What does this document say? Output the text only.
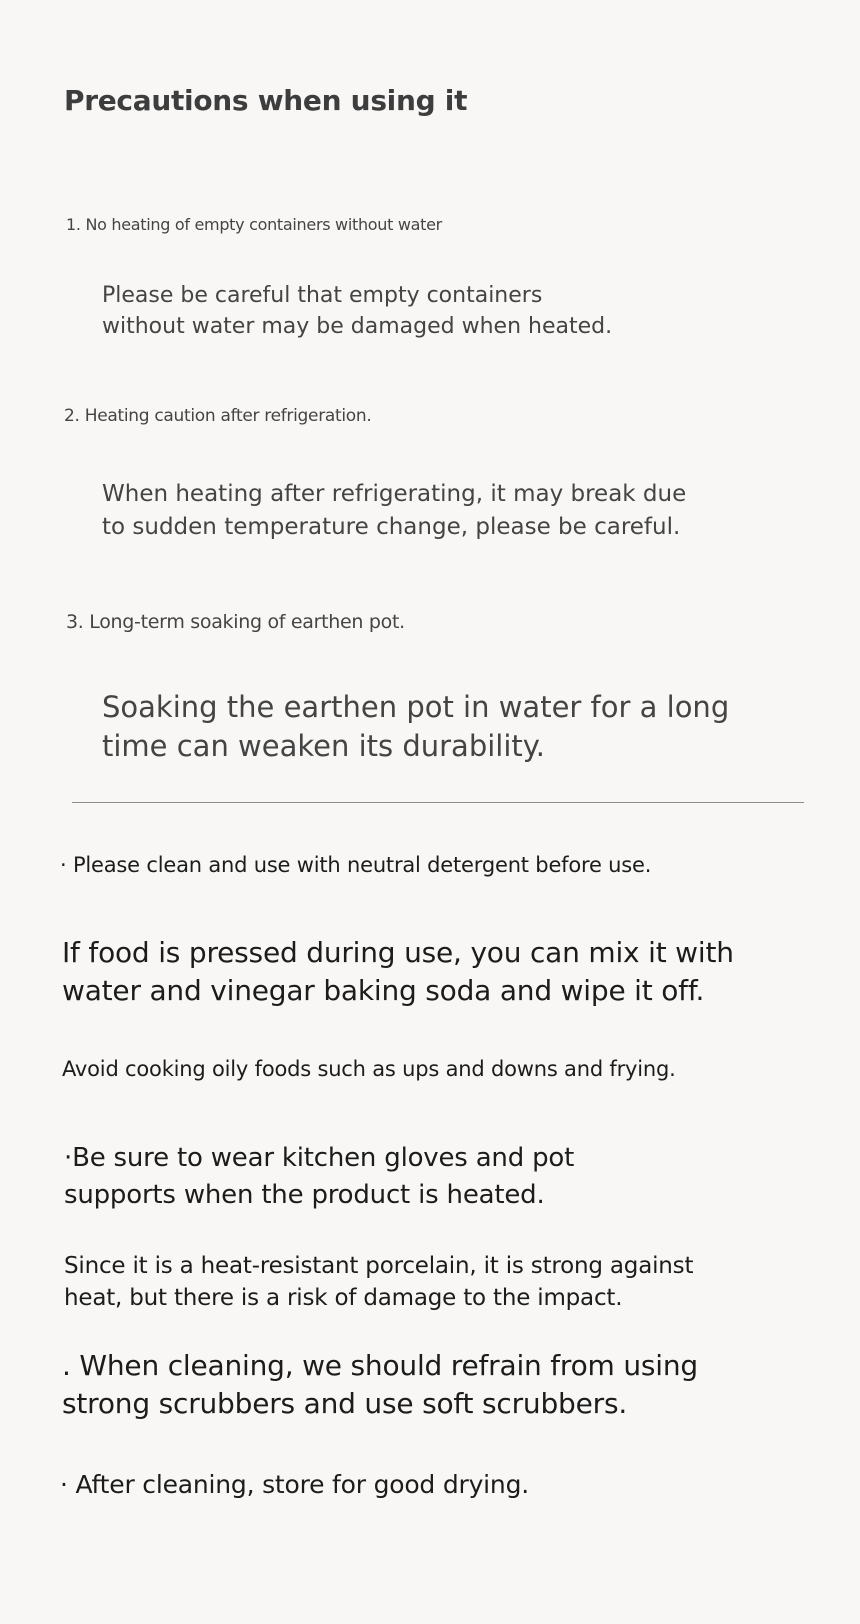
Precautions when using it
1. No heating of empty containers without water
Please be careful that empty containers
without water may be damaged when heated.
2. Heating caution after refrigeration.
When heating after refrigerating, it may break due
to sudden temperature change, please be careful.
3. Long-term soaking of earthen pot.
Soaking the earthen pot in water for a long
time can weaken its durability.
· Please clean and use with neutral detergent before use.
If food is pressed during use, you can mix it with
water and vinegar baking soda and wipe it off.
Avoid cooking oily foods such as ups and downs and frying.
·Be sure to wear kitchen gloves and pot
supports when the product is heated.
Since it is a heat-resistant porcelain, it is strong against
heat, but there is a risk of damage to the impact.
. When cleaning, we should refrain from using
strong scrubbers and use soft scrubbers.
· After cleaning, store for good drying.
